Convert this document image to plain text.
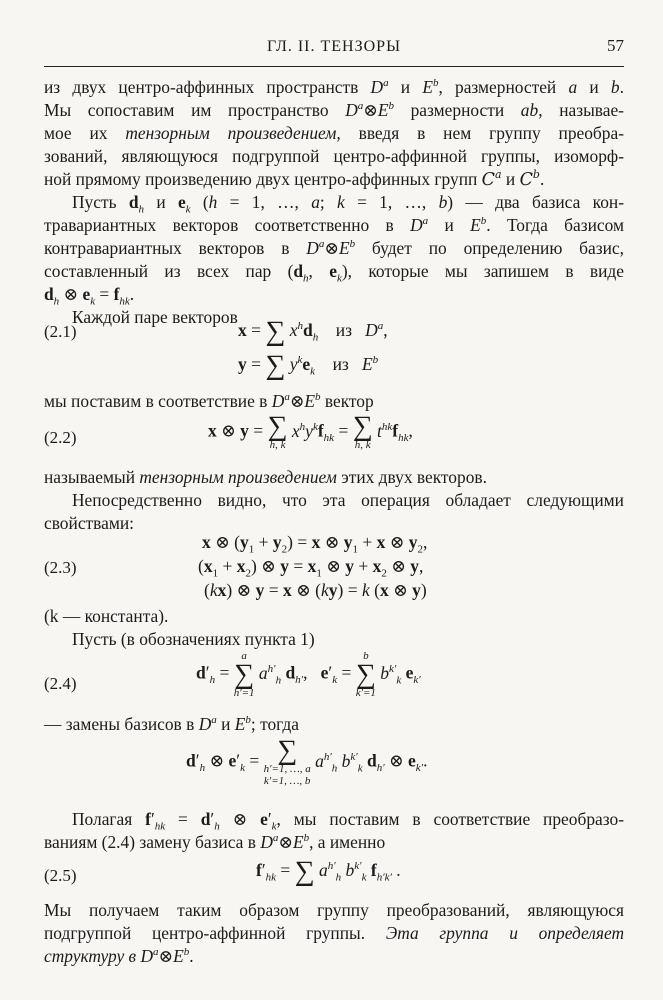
ГЛ. II. ТЕНЗОРЫ	57
из двух центро-аффинных пространств $D^a$ и $E^b$, размерностей a и b.
Мы сопоставим им пространство $D^a\otimes E^b$ размерности ab, называе-
мое их тензорным произведением, введя в нем группу преобра-
зований, являющуюся подгруппой центро-аффинной группы, изоморф-
ной прямому произведению двух центро-аффинных групп $C^a$ и $C^b$.
Пусть $d_h$ и $e_k$ (h = 1, …, a; k = 1, …, b) — два базиса кон-
травариантных векторов соответственно в $D^a$ и $E^b$. Тогда базисом
контравариантных векторов в $D^a\otimes E^b$ будет по определению базис,
составленный из всех пар ($d_h$, $e_k$), которые мы запишем в виде
$d_h$ ⊗ $e_k = f_{hk}$.
Каждой паре векторов
(2.1)	x = ∑ $x^hd_h$ из $D^a$,
y = ∑ $y^ke_k$ из $E^b$
мы поставим в соответствие в $D^a\otimes E^b$ вектор
(2.2)	x ⊗ y = ∑
h, k
$x^hy^kf_{hk}$ = ∑
h, k
$t^{hk}f_{hk}$,
называемый тензорным произведением этих двух векторов.
Непосредственно видно, что эта операция обладает следующими
свойствами:
x ⊗ $(y_1 + y_2) = x$ ⊗ $y_1 + x$ ⊗ $y_2$,
(2.3)	$(x_1 + x_2)$ ⊗ $y = x_1$ ⊗ $y + x_2$ ⊗ y,
(kx) ⊗ y = x ⊗ (ky) = k (x ⊗ y)
(k — константа).
Пусть (в обозначениях пункта 1)
(2.4)
$d'_h$ =
a
∑
h′=1
$a^{h'}_h$ $d_{h'}$,   $e'_k$ =
b
∑
k′=1
$b^{k'}_k$ $e_{k'}$
— замены базисов в $D^a$ и $E^b$; тогда
$d'_h$ ⊗ $e'_k$ = ∑
h′=1, …, a
k′=1, …, b
$a^{h'}_h$ $b^{k'}_k$ $d_{h'}$ ⊗ $e_{k'}$.
Полагая $f'_{hk} = d'_h$ ⊗ $e'_k$, мы поставим в соответствие преобразо-
ваниям (2.4) замену базиса в $D^a\otimes E^b$, а именно
(2.5)	$f'_{hk}$ = ∑ $a^{h'}_h$ $b^{k'}_k$ $f_{h'k'}$ .
Мы получаем таким образом группу преобразований, являющуюся
подгруппой центро-аффинной группы. Эта группа и определяет
структуру в $D^a\otimes E^b$.
